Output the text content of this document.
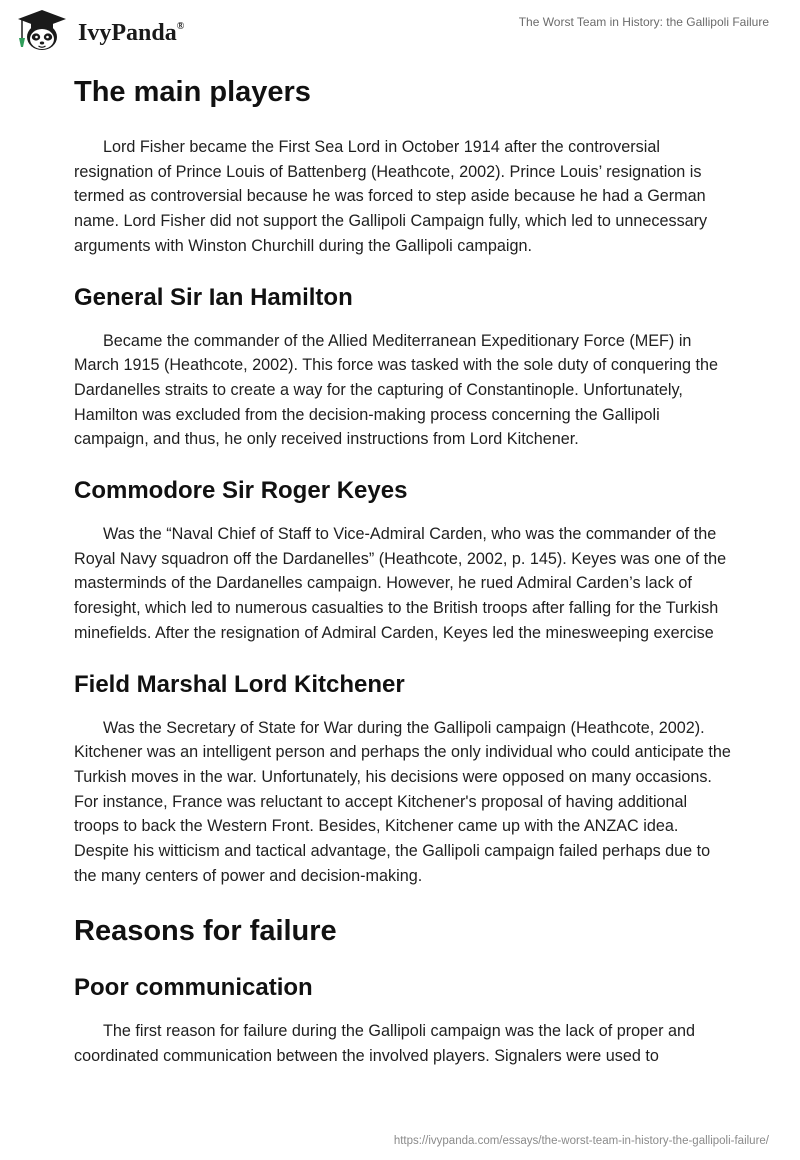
IvyPanda®	The Worst Team in History: the Gallipoli Failure
The main players

Lord Fisher became the First Sea Lord in October 1914 after the controversial resignation of Prince Louis of Battenberg (Heathcote, 2002). Prince Louis’ resignation is termed as controversial because he was forced to step aside because he had a German name. Lord Fisher did not support the Gallipoli Campaign fully, which led to unnecessary arguments with Winston Churchill during the Gallipoli campaign.

General Sir Ian Hamilton

Became the commander of the Allied Mediterranean Expeditionary Force (MEF) in March 1915 (Heathcote, 2002). This force was tasked with the sole duty of conquering the Dardanelles straits to create a way for the capturing of Constantinople. Unfortunately, Hamilton was excluded from the decision-making process concerning the Gallipoli campaign, and thus, he only received instructions from Lord Kitchener.

Commodore Sir Roger Keyes

Was the “Naval Chief of Staff to Vice-Admiral Carden, who was the commander of the Royal Navy squadron off the Dardanelles” (Heathcote, 2002, p. 145). Keyes was one of the masterminds of the Dardanelles campaign. However, he rued Admiral Carden’s lack of foresight, which led to numerous casualties to the British troops after falling for the Turkish minefields. After the resignation of Admiral Carden, Keyes led the minesweeping exercise

Field Marshal Lord Kitchener

Was the Secretary of State for War during the Gallipoli campaign (Heathcote, 2002). Kitchener was an intelligent person and perhaps the only individual who could anticipate the Turkish moves in the war. Unfortunately, his decisions were opposed on many occasions. For instance, France was reluctant to accept Kitchener's proposal of having additional troops to back the Western Front. Besides, Kitchener came up with the ANZAC idea. Despite his witticism and tactical advantage, the Gallipoli campaign failed perhaps due to the many centers of power and decision-making.

Reasons for failure
Poor communication

The first reason for failure during the Gallipoli campaign was the lack of proper and coordinated communication between the involved players. Signalers were used to

https://ivypanda.com/essays/the-worst-team-in-history-the-gallipoli-failure/
